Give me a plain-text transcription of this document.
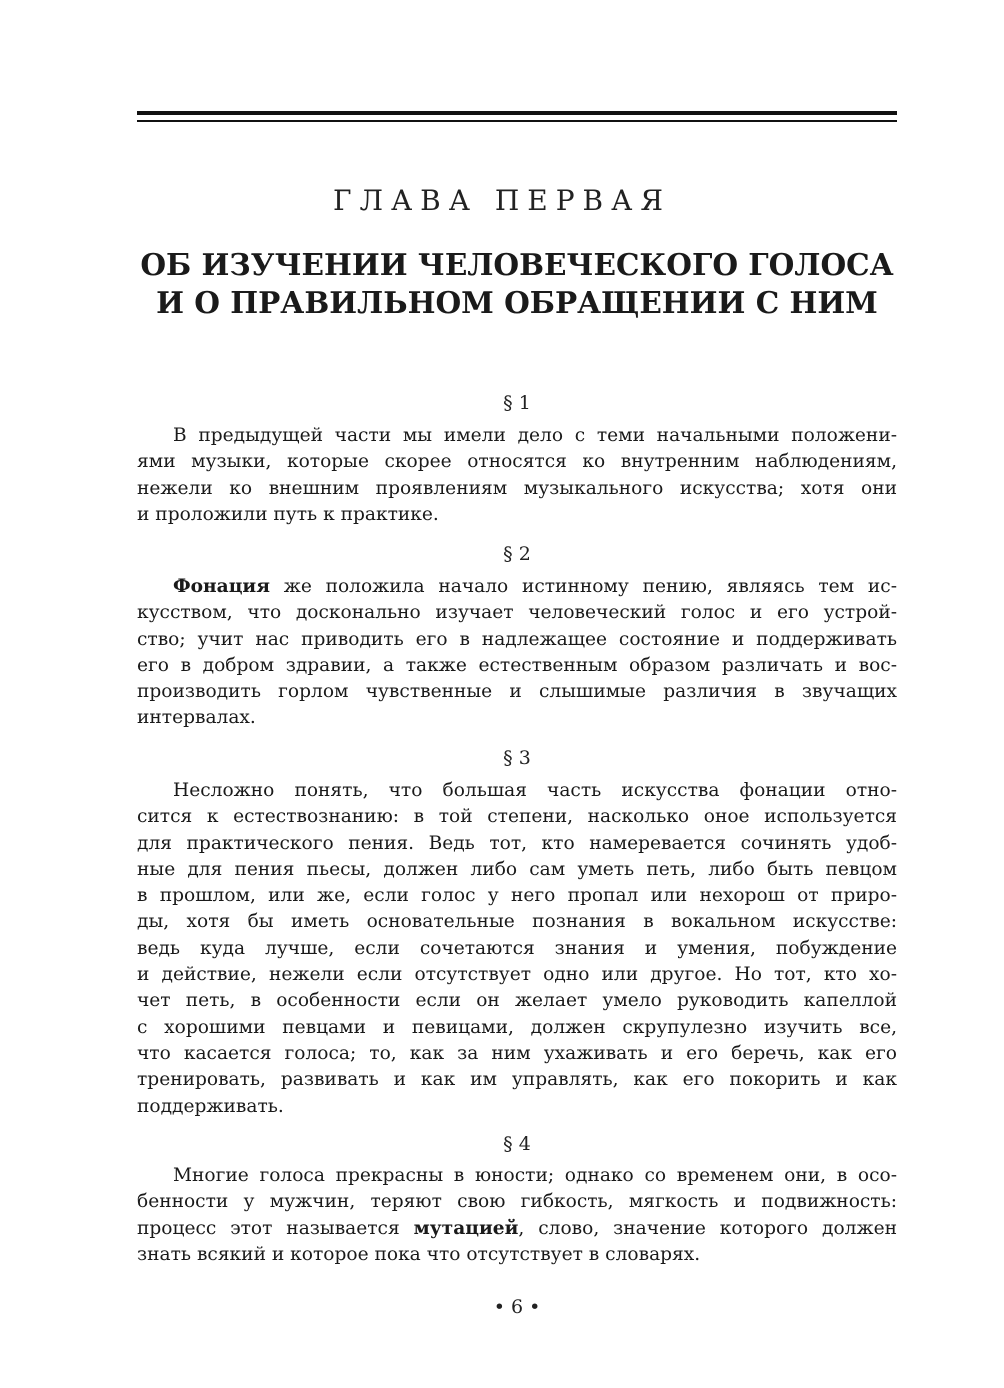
ГЛАВА ПЕРВАЯ
ОБ ИЗУЧЕНИИ ЧЕЛОВЕЧЕСКОГО ГОЛОСА
И О ПРАВИЛЬНОМ ОБРАЩЕНИИ С НИМ
§ 1
В предыдущей части мы имели дело с теми начальными положени-
ями музыки, которые скорее относятся ко внутренним наблюдениям,
нежели ко внешним проявлениям музыкального искусства; хотя они
и проложили путь к практике.
§ 2
Фонация же положила начало истинному пению, являясь тем ис-
кусством, что досконально изучает человеческий голос и его устрой-
ство; учит нас приводить его в надлежащее состояние и поддерживать
его в добром здравии, а также естественным образом различать и вос-
производить горлом чувственные и слышимые различия в звучащих
интервалах.
§ 3
Несложно понять, что большая часть искусства фонации отно-
сится к естествознанию: в той степени, насколько оное используется
для практического пения. Ведь тот, кто намеревается сочинять удоб-
ные для пения пьесы, должен либо сам уметь петь, либо быть певцом
в прошлом, или же, если голос у него пропал или нехорош от приро-
ды, хотя бы иметь основательные познания в вокальном искусстве:
ведь куда лучше, если сочетаются знания и умения, побуждение
и действие, нежели если отсутствует одно или другое. Но тот, кто хо-
чет петь, в особенности если он желает умело руководить капеллой
с хорошими певцами и певицами, должен скрупулезно изучить все,
что касается голоса; то, как за ним ухаживать и его беречь, как его
тренировать, развивать и как им управлять, как его покорить и как
поддерживать.
§ 4
Многие голоса прекрасны в юности; однако со временем они, в осо-
бенности у мужчин, теряют свою гибкость, мягкость и подвижность:
процесс этот называется мутацией, слово, значение которого должен
знать всякий и которое пока что отсутствует в словарях.
• 6 •
